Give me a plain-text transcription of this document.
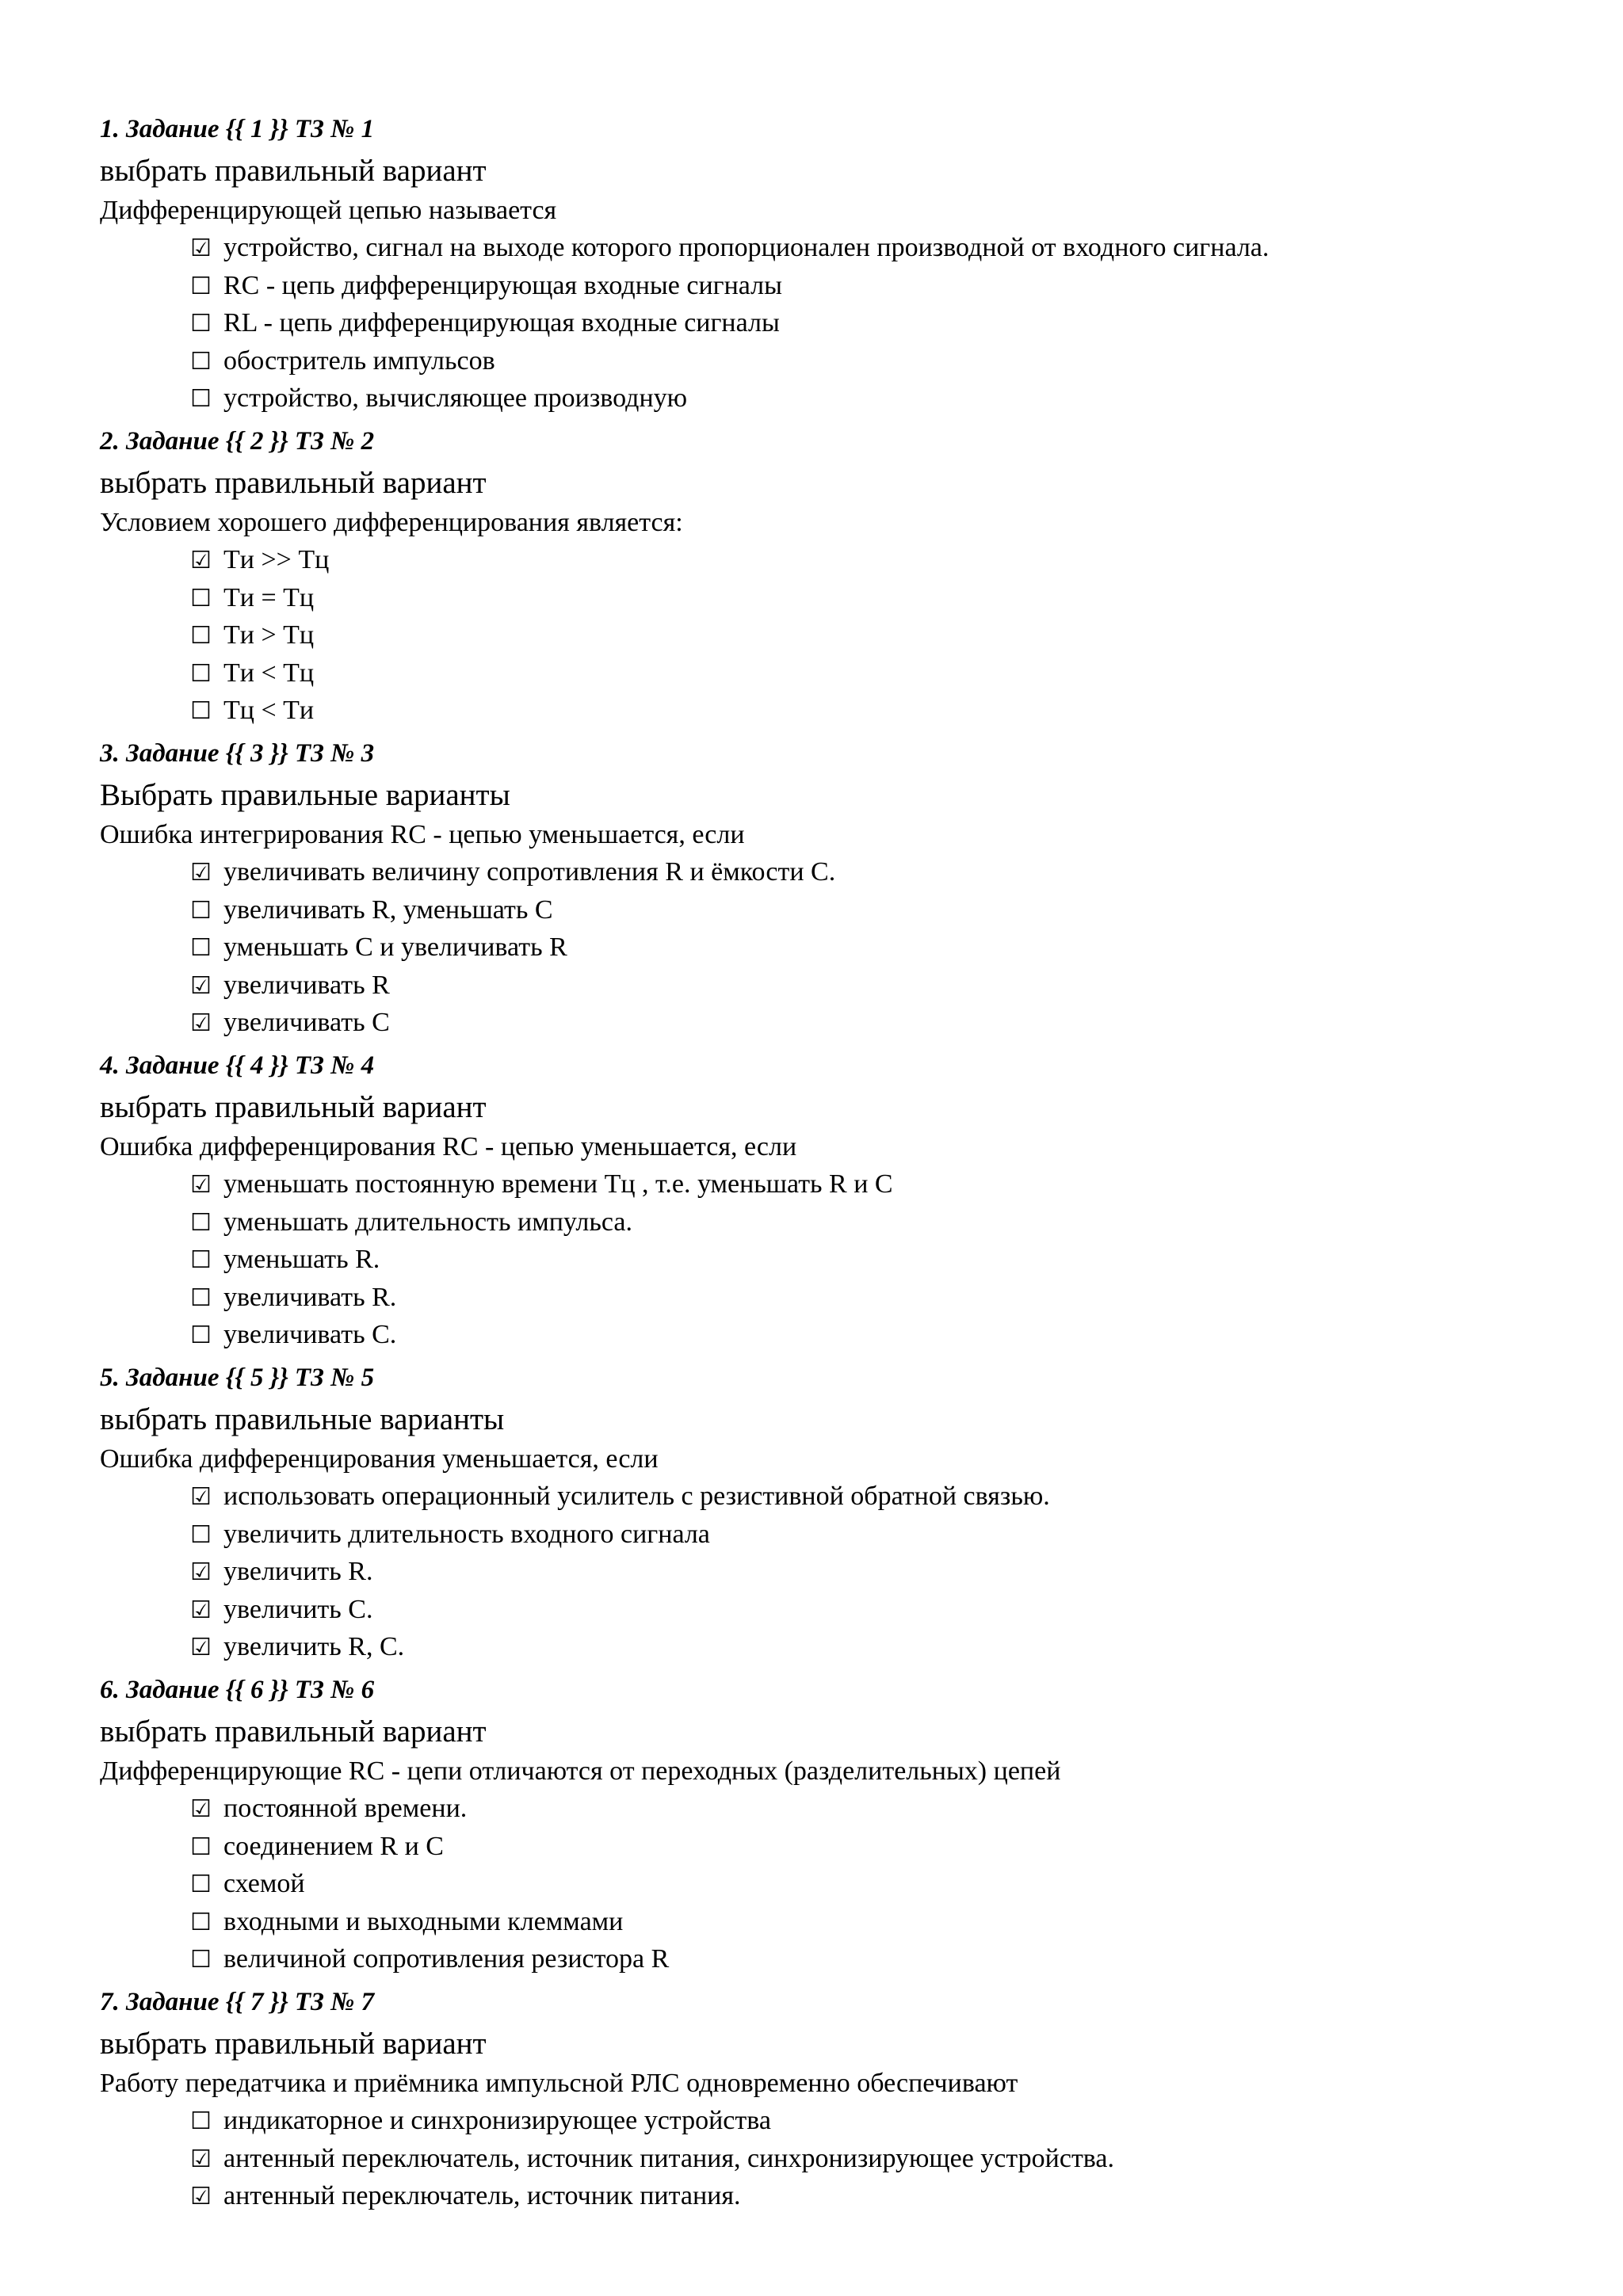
1. Задание {{ 1 }} ТЗ № 1
выбрать правильный вариант
Дифференцирующей цепью называется
☑ устройство, сигнал на выходе которого пропорционален производной от входного сигнала.
☐ RC - цепь дифференцирующая входные сигналы
☐ RL - цепь дифференцирующая входные сигналы
☐ обостритель импульсов
☐ устройство, вычисляющее производную
2. Задание {{ 2 }} ТЗ № 2
выбрать правильный вариант
Условием хорошего дифференцирования является:
☑ Tи >> Tц
☐ Tи = Tц
☐ Tи > Tц
☐ Tи < Tц
☐ Tц < Tи
3. Задание {{ 3 }} ТЗ № 3
Выбрать правильные варианты
Ошибка интегрирования RC - цепью уменьшается, если
☑ увеличивать величину сопротивления R и ёмкости C.
☐ увеличивать R, уменьшать C
☐ уменьшать C и увеличивать R
☑ увеличивать R
☑ увеличивать C
4. Задание {{ 4 }} ТЗ № 4
выбрать правильный вариант
Ошибка дифференцирования RC - цепью уменьшается, если
☑ уменьшать постоянную времени Tц , т.е. уменьшать R и C
☐ уменьшать длительность импульса.
☐ уменьшать R.
☐ увеличивать R.
☐ увеличивать C.
5. Задание {{ 5 }} ТЗ № 5
выбрать правильные варианты
Ошибка дифференцирования уменьшается, если
☑ использовать операционный усилитель с резистивной обратной связью.
☐ увеличить длительность входного сигнала
☑ увеличить R.
☑ увеличить C.
☑ увеличить R, C.
6. Задание {{ 6 }} ТЗ № 6
выбрать правильный вариант
Дифференцирующие RC - цепи отличаются от переходных (разделительных) цепей
☑ постоянной времени.
☐ соединением R и C
☐ схемой
☐ входными и выходными клеммами
☐ величиной сопротивления резистора R
7. Задание {{ 7 }} ТЗ № 7
выбрать правильный вариант
Работу передатчика и приёмника импульсной РЛС одновременно обеспечивают
☐ индикаторное и синхронизирующее устройства
☑ антенный переключатель, источник питания, синхронизирующее устройства.
☑ антенный переключатель, источник питания.
